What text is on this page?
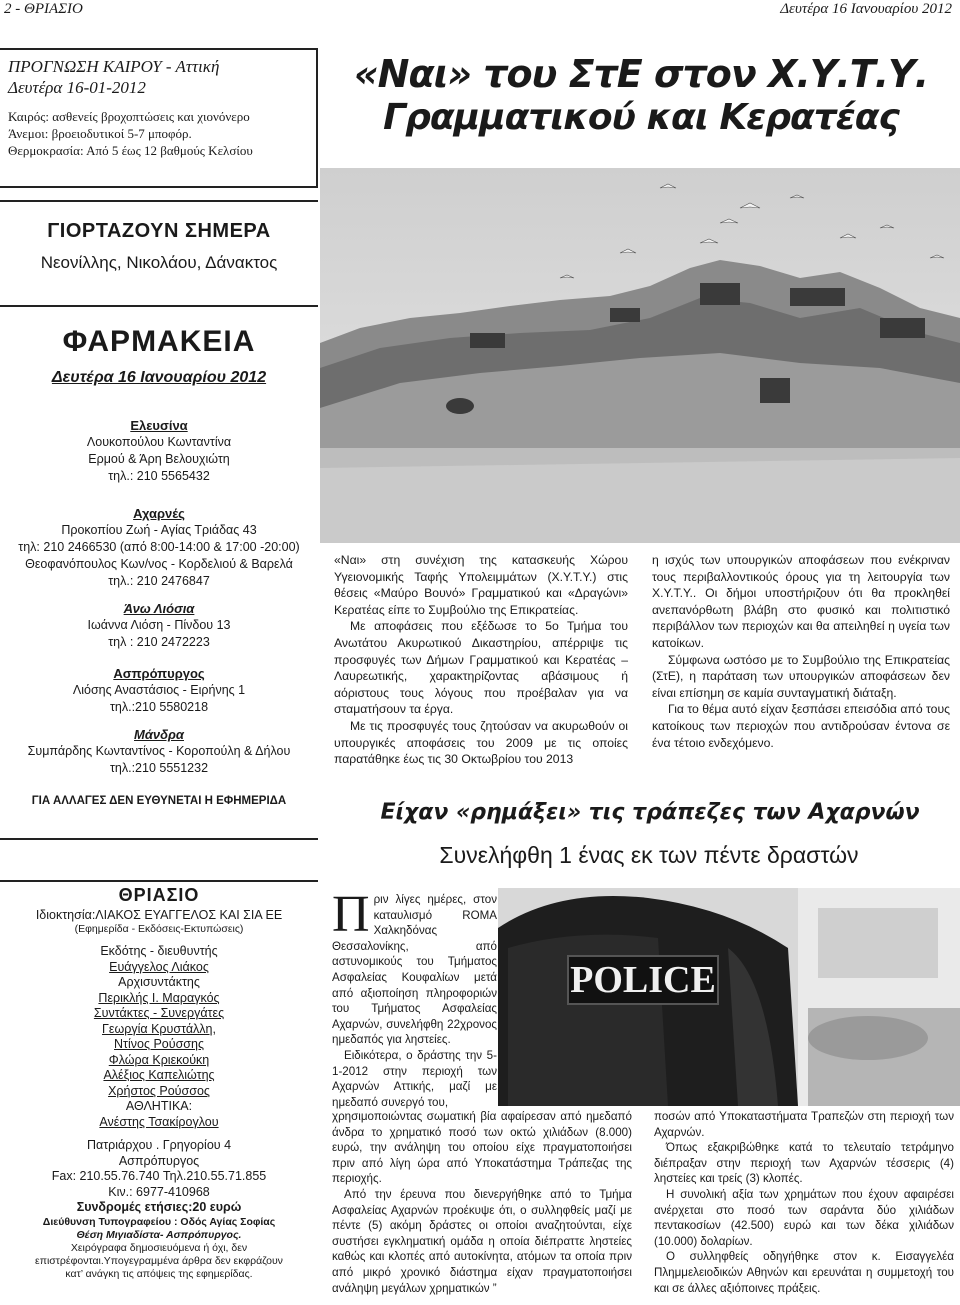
2 - ΘΡΙΑΣΙΟ	Δευτέρα 16 Ιανουαρίου 2012
ΠΡΟΓΝΩΣΗ ΚΑΙΡΟΥ - Αττική
Δευτέρα 16-01-2012
Καιρός: ασθενείς βροχοπτώσεις και χιονόνερο
Άνεμοι: βροειοδυτικοί 5-7 μποφόρ.
Θερμοκρασία: Από 5 έως 12 βαθμούς Κελσίου
«Ναι» του ΣτΕ στον Χ.Υ.Τ.Υ.
Γραμματικού και Κερατέας
ΓΙΟΡΤΑΖΟΥΝ ΣΗΜΕΡΑ
Νεονίλλης, Νικολάου, Δάνακτος
ΦΑΡΜΑΚΕΙΑ
Δευτέρα 16 Ιανουαρίου 2012
Ελευσίνα
Λουκοπούλου Κωνταντίνα
Ερμού & Άρη Βελουχιώτη
τηλ.: 210 5565432
Αχαρνές
Προκοπίου Ζωή - Αγίας Τριάδας 43
τηλ: 210 2466530 (από 8:00-14:00 & 17:00 -20:00)
Θεοφανόπουλος Κων/νος - Κορδελιού & Βαρελά
τηλ.: 210 2476847
Άνω Λιόσια
Ιωάννα Λιόση - Πίνδου 13
τηλ : 210 2472223
Ασπρόπυργος
Λιόσης Αναστάσιος - Ειρήνης 1
τηλ.:210 5580218
Μάνδρα
Συμπάρδης Κωνταντίνος - Κοροπούλη & Δήλου
τηλ.:210 5551232
ΓΙΑ ΑΛΛΑΓΕΣ ΔΕΝ ΕΥΘΥΝΕΤΑΙ Η ΕΦΗΜΕΡΙΔΑ
ΘΡΙΑΣΙΟ
Ιδιοκτησία:ΛΙΑΚΟΣ ΕΥΑΓΓΕΛΟΣ ΚΑΙ ΣΙΑ ΕΕ
(Εφημερίδα - Εκδόσεις-Εκτυπώσεις)
Εκδότης - διευθυντής
Ευάγγελος Λιάκος
Αρχισυντάκτης
Περικλής Ι. Μαραγκός
Συντάκτες - Συνεργάτες
Γεωργία Κρυστάλλη,
Ντίνος Ρούσσης
Φλώρα Κριεκούκη
Αλέξιος Καπελιώτης
Χρήστος Ρούσσος
ΑΘΛΗΤΙΚΑ:
Ανέστης Τσακίρογλου
Πατριάρχου . Γρηγορίου 4
Ασπρόπυργος
Fax: 210.55.76.740 Τηλ.210.55.71.855
Κιν.: 6977-410968
Συνδρομές ετήσιες:20 ευρώ
Διεύθυνση Τυπογραφείου : Οδός Αγίας Σοφίας
Θέση Μιγιαδίστα- Ασπρόπυργος.
Χειρόγραφα δημοσιευόμενα ή όχι, δεν
επιστρέφονται.Υπογεγραμμένα άρθρα δεν εκφράζουν
κατ’ ανάγκη τις απόψεις της εφημερίδας.

«Ναι» στη συνέχιση της κατασκευής Χώρου Υγειονομικής Ταφής Υπολειμμάτων (Χ.Υ.Τ.Υ.) στις θέσεις «Μαύρο Βουνό» Γραμματικού και «Δραγώνι» Κερατέας είπε το Συμβούλιο της Επικρατείας.

Με αποφάσεις που εξέδωσε το 5ο Τμήμα του Ανωτάτου Ακυρωτικού Δικαστηρίου, απέρριψε τις προσφυγές των Δήμων Γραμματικού και Κερατέας – Λαυρεωτικής, χαρακτηρίζοντας αβάσιμους ή αόριστους τους λόγους που προέβαλαν για να σταματήσουν τα έργα.

Με τις προσφυγές τους ζητούσαν να ακυρωθούν οι υπουργικές αποφάσεις του 2009 με τις οποίες παρατάθηκε έως τις 30 Οκτωβρίου του 2013

η ισχύς των υπουργικών αποφάσεων που ενέκριναν τους περιβαλλοντικούς όρους για τη λειτουργία των Χ.Υ.Τ.Υ.. Οι δήμοι υποστήριζουν ότι θα προκληθεί ανεπανόρθωτη βλάβη στο φυσικό και πολιτιστικό περιβάλλον των περιοχών και θα απειληθεί η υγεία των κατοίκων.

Σύμφωνα ωστόσο με το Συμβούλιο της Επικρατείας (ΣτΕ), η παράταση των υπουργικών αποφάσεων δεν είναι επίσημη σε καμία συνταγματική διάταξη.

Για το θέμα αυτό είχαν ξεσπάσει επεισόδια από τους κατοίκους των περιοχών που αντιδρούσαν έντονα σε ένα τέτοιο ενδεχόμενο.

Είχαν «ρημάξει» τις τράπεζες των Αχαρνών
Συνελήφθη 1 ένας εκ των πέντε δραστών
POLICE
Π ριν λίγες ημέρες, στον καταυλισμό ROMA Χαλκηδόνας Θεσσαλονίκης, από αστυνομικούς του Τμήματος Ασφαλείας Κουφαλίων μετά από αξιοποίηση πληροφοριών του Τμήματος Ασφαλείας Αχαρνών, συνελήφθη 22χρονος ημεδαπός για ληστείες.

Ειδικότερα, ο δράστης την 5-1-2012 στην περιοχή των Αχαρνών Αττικής, μαζί με ημεδαπό συνεργό του,

χρησιμοποιώντας σωματική βία αφαίρεσαν από ημεδαπό άνδρα το χρηματικό ποσό των οκτώ χιλιάδων (8.000) ευρώ, την ανάληψη του οποίου είχε πραγματοποιήσει πριν από λίγη ώρα από Υποκατάστημα Τράπεζας της περιοχής.

Από την έρευνα που διενεργήθηκε από το Τμήμα Ασφαλείας Αχαρνών προέκυψε ότι, ο συλληφθείς μαζί με πέντε (5) ακόμη δράστες οι οποίοι αναζητούνται, είχε συστήσει εγκληματική ομάδα η οποία διέπραττε ληστείες καθώς και κλοπές από αυτοκίνητα, ατόμων τα οποία πριν από μικρό χρονικό διάστημα είχαν πραγματοποιήσει ανάληψη μεγάλων χρηματικών ”

ποσών από Υποκαταστήματα Τραπεζών στη περιοχή των Αχαρνών.

Όπως εξακριβώθηκε κατά το τελευταίο τετράμηνο διέπραξαν στην περιοχή των Αχαρνών τέσσερις (4) ληστείες και τρείς (3) κλοπές.

Η συνολική αξία των χρημάτων που έχουν αφαιρέσει ανέρχεται στο ποσό των σαράντα δύο χιλιάδων πεντακοσίων (42.500) ευρώ και των δέκα χιλιάδων (10.000) δολαρίων.

Ο συλληφθείς οδηγήθηκε στον κ. Εισαγγελέα Πλημμελειοδικών Αθηνών και ερευνάται η συμμετοχή του και σε άλλες αξιόποινες πράξεις.
